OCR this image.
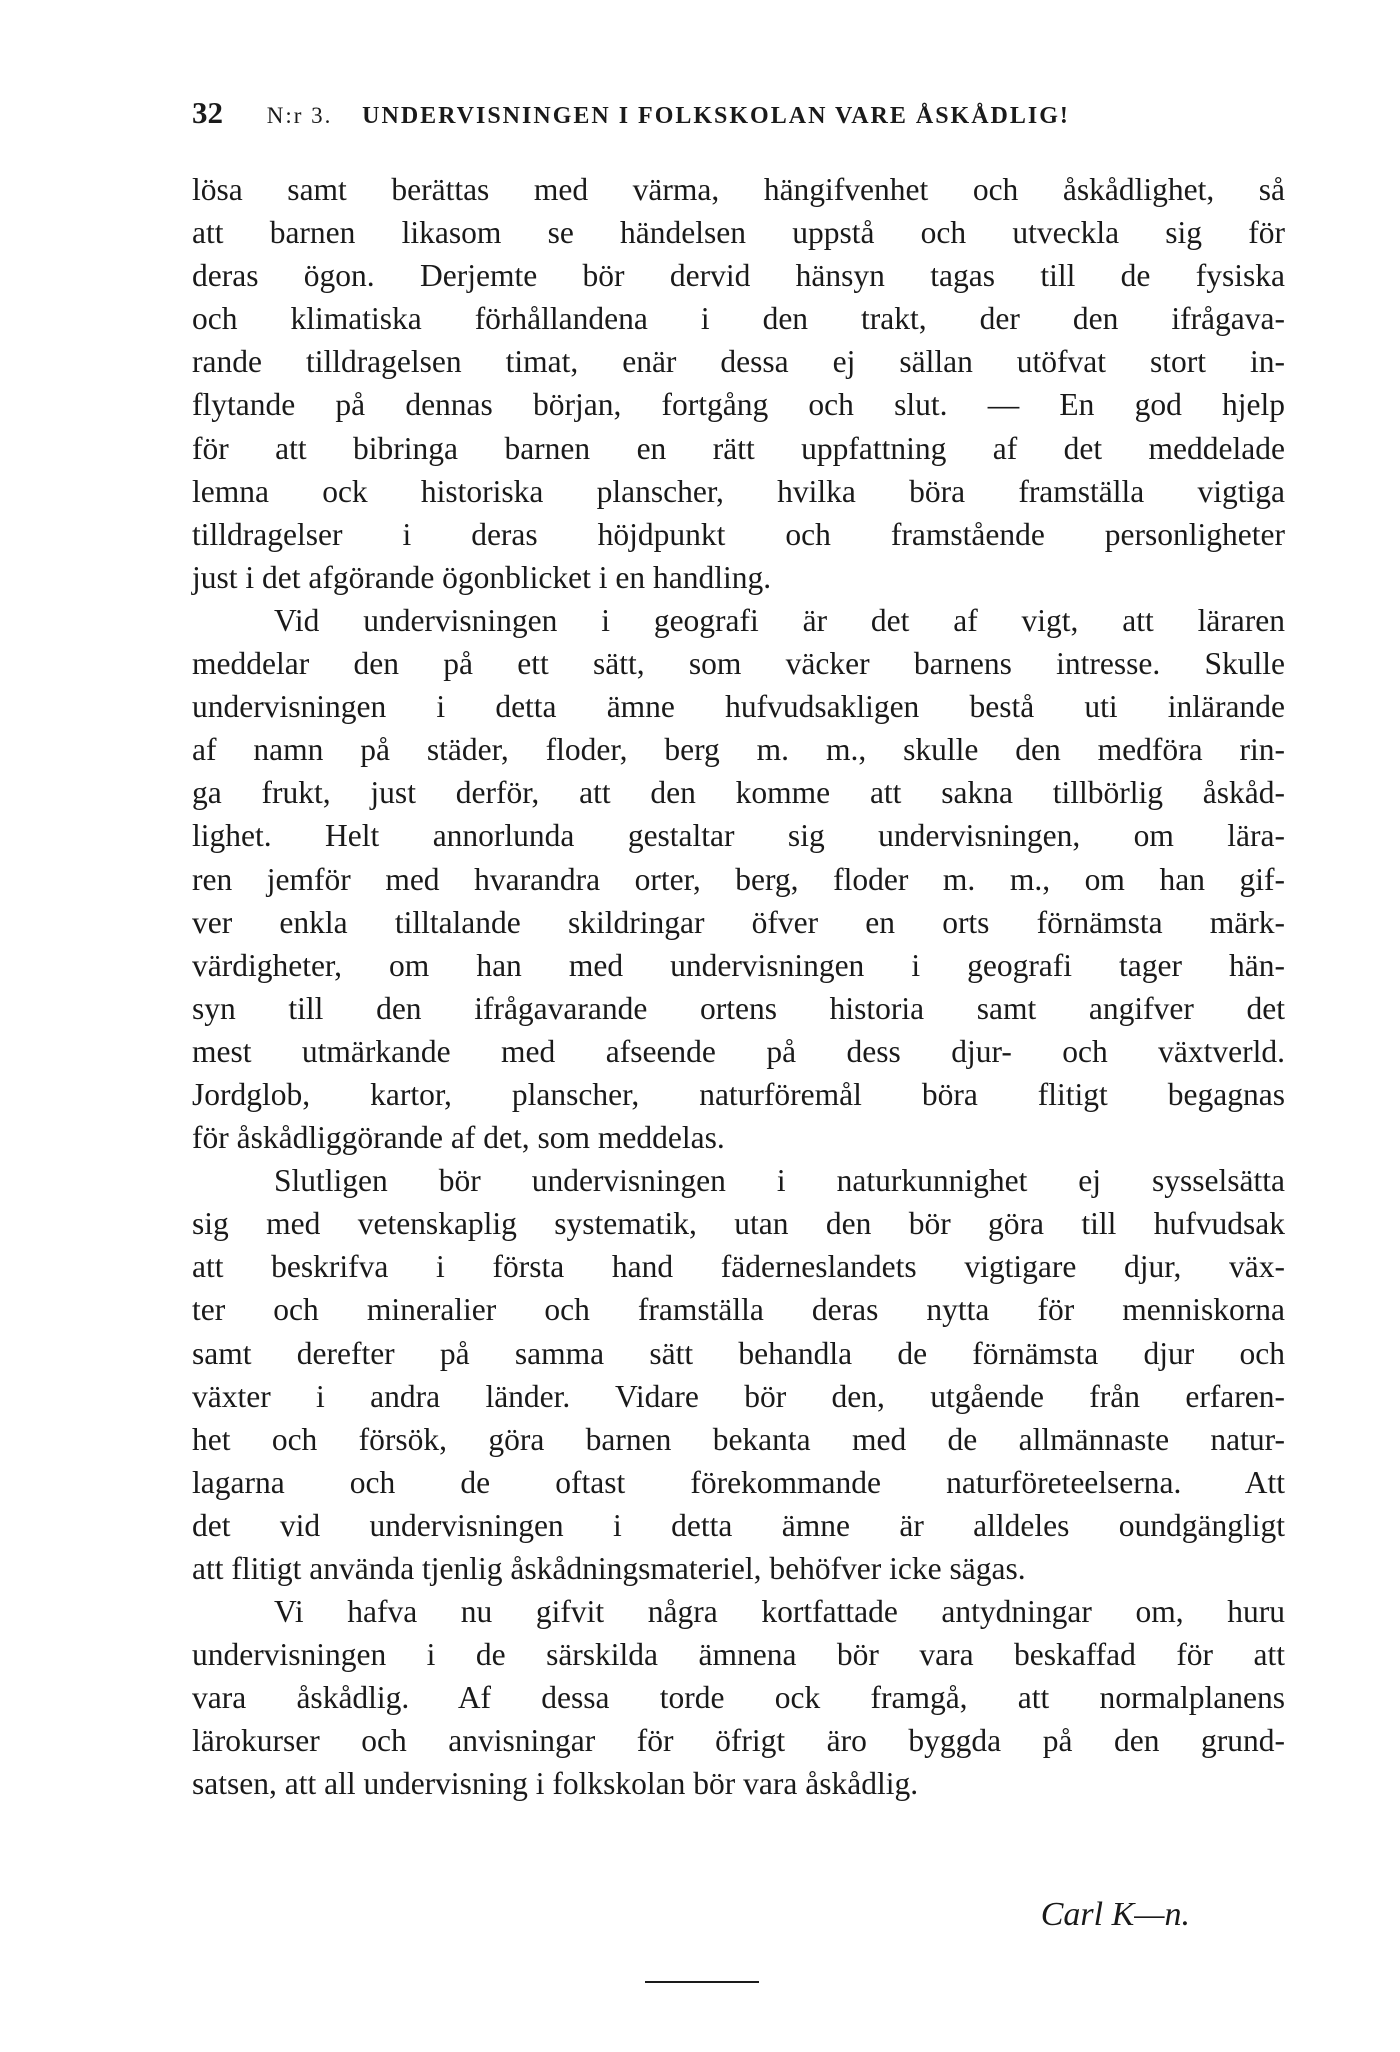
32 N:r 3. UNDERVISNINGEN I FOLKSKOLAN VARE ÅSKÅDLIG!
lösa samt berättas med värma, hängifvenhet och åskådlighet, så
att barnen likasom se händelsen uppstå och utveckla sig för
deras ögon. Derjemte bör dervid hänsyn tagas till de fysiska
och klimatiska förhållandena i den trakt, der den ifrågava-
rande tilldragelsen timat, enär dessa ej sällan utöfvat stort in-
flytande på dennas början, fortgång och slut. — En god hjelp
för att bibringa barnen en rätt uppfattning af det meddelade
lemna ock historiska planscher, hvilka böra framställa vigtiga
tilldragelser i deras höjdpunkt och framstående personligheter
just i det afgörande ögonblicket i en handling.
Vid undervisningen i geografi är det af vigt, att läraren
meddelar den på ett sätt, som väcker barnens intresse. Skulle
undervisningen i detta ämne hufvudsakligen bestå uti inlärande
af namn på städer, floder, berg m. m., skulle den medföra rin-
ga frukt, just derför, att den komme att sakna tillbörlig åskåd-
lighet. Helt annorlunda gestaltar sig undervisningen, om lära-
ren jemför med hvarandra orter, berg, floder m. m., om han gif-
ver enkla tilltalande skildringar öfver en orts förnämsta märk-
värdigheter, om han med undervisningen i geografi tager hän-
syn till den ifrågavarande ortens historia samt angifver det
mest utmärkande med afseende på dess djur- och växtverld.
Jordglob, kartor, planscher, naturföremål böra flitigt begagnas
för åskådliggörande af det, som meddelas.
Slutligen bör undervisningen i naturkunnighet ej sysselsätta
sig med vetenskaplig systematik, utan den bör göra till hufvudsak
att beskrifva i första hand fäderneslandets vigtigare djur, väx-
ter och mineralier och framställa deras nytta för menniskorna
samt derefter på samma sätt behandla de förnämsta djur och
växter i andra länder. Vidare bör den, utgående från erfaren-
het och försök, göra barnen bekanta med de allmännaste natur-
lagarna och de oftast förekommande naturföreteelserna. Att
det vid undervisningen i detta ämne är alldeles oundgängligt
att flitigt använda tjenlig åskådningsmateriel, behöfver icke sägas.
Vi hafva nu gifvit några kortfattade antydningar om, huru
undervisningen i de särskilda ämnena bör vara beskaffad för att
vara åskådlig. Af dessa torde ock framgå, att normalplanens
lärokurser och anvisningar för öfrigt äro byggda på den grund-
satsen, att all undervisning i folkskolan bör vara åskådlig.
Carl K—n.
